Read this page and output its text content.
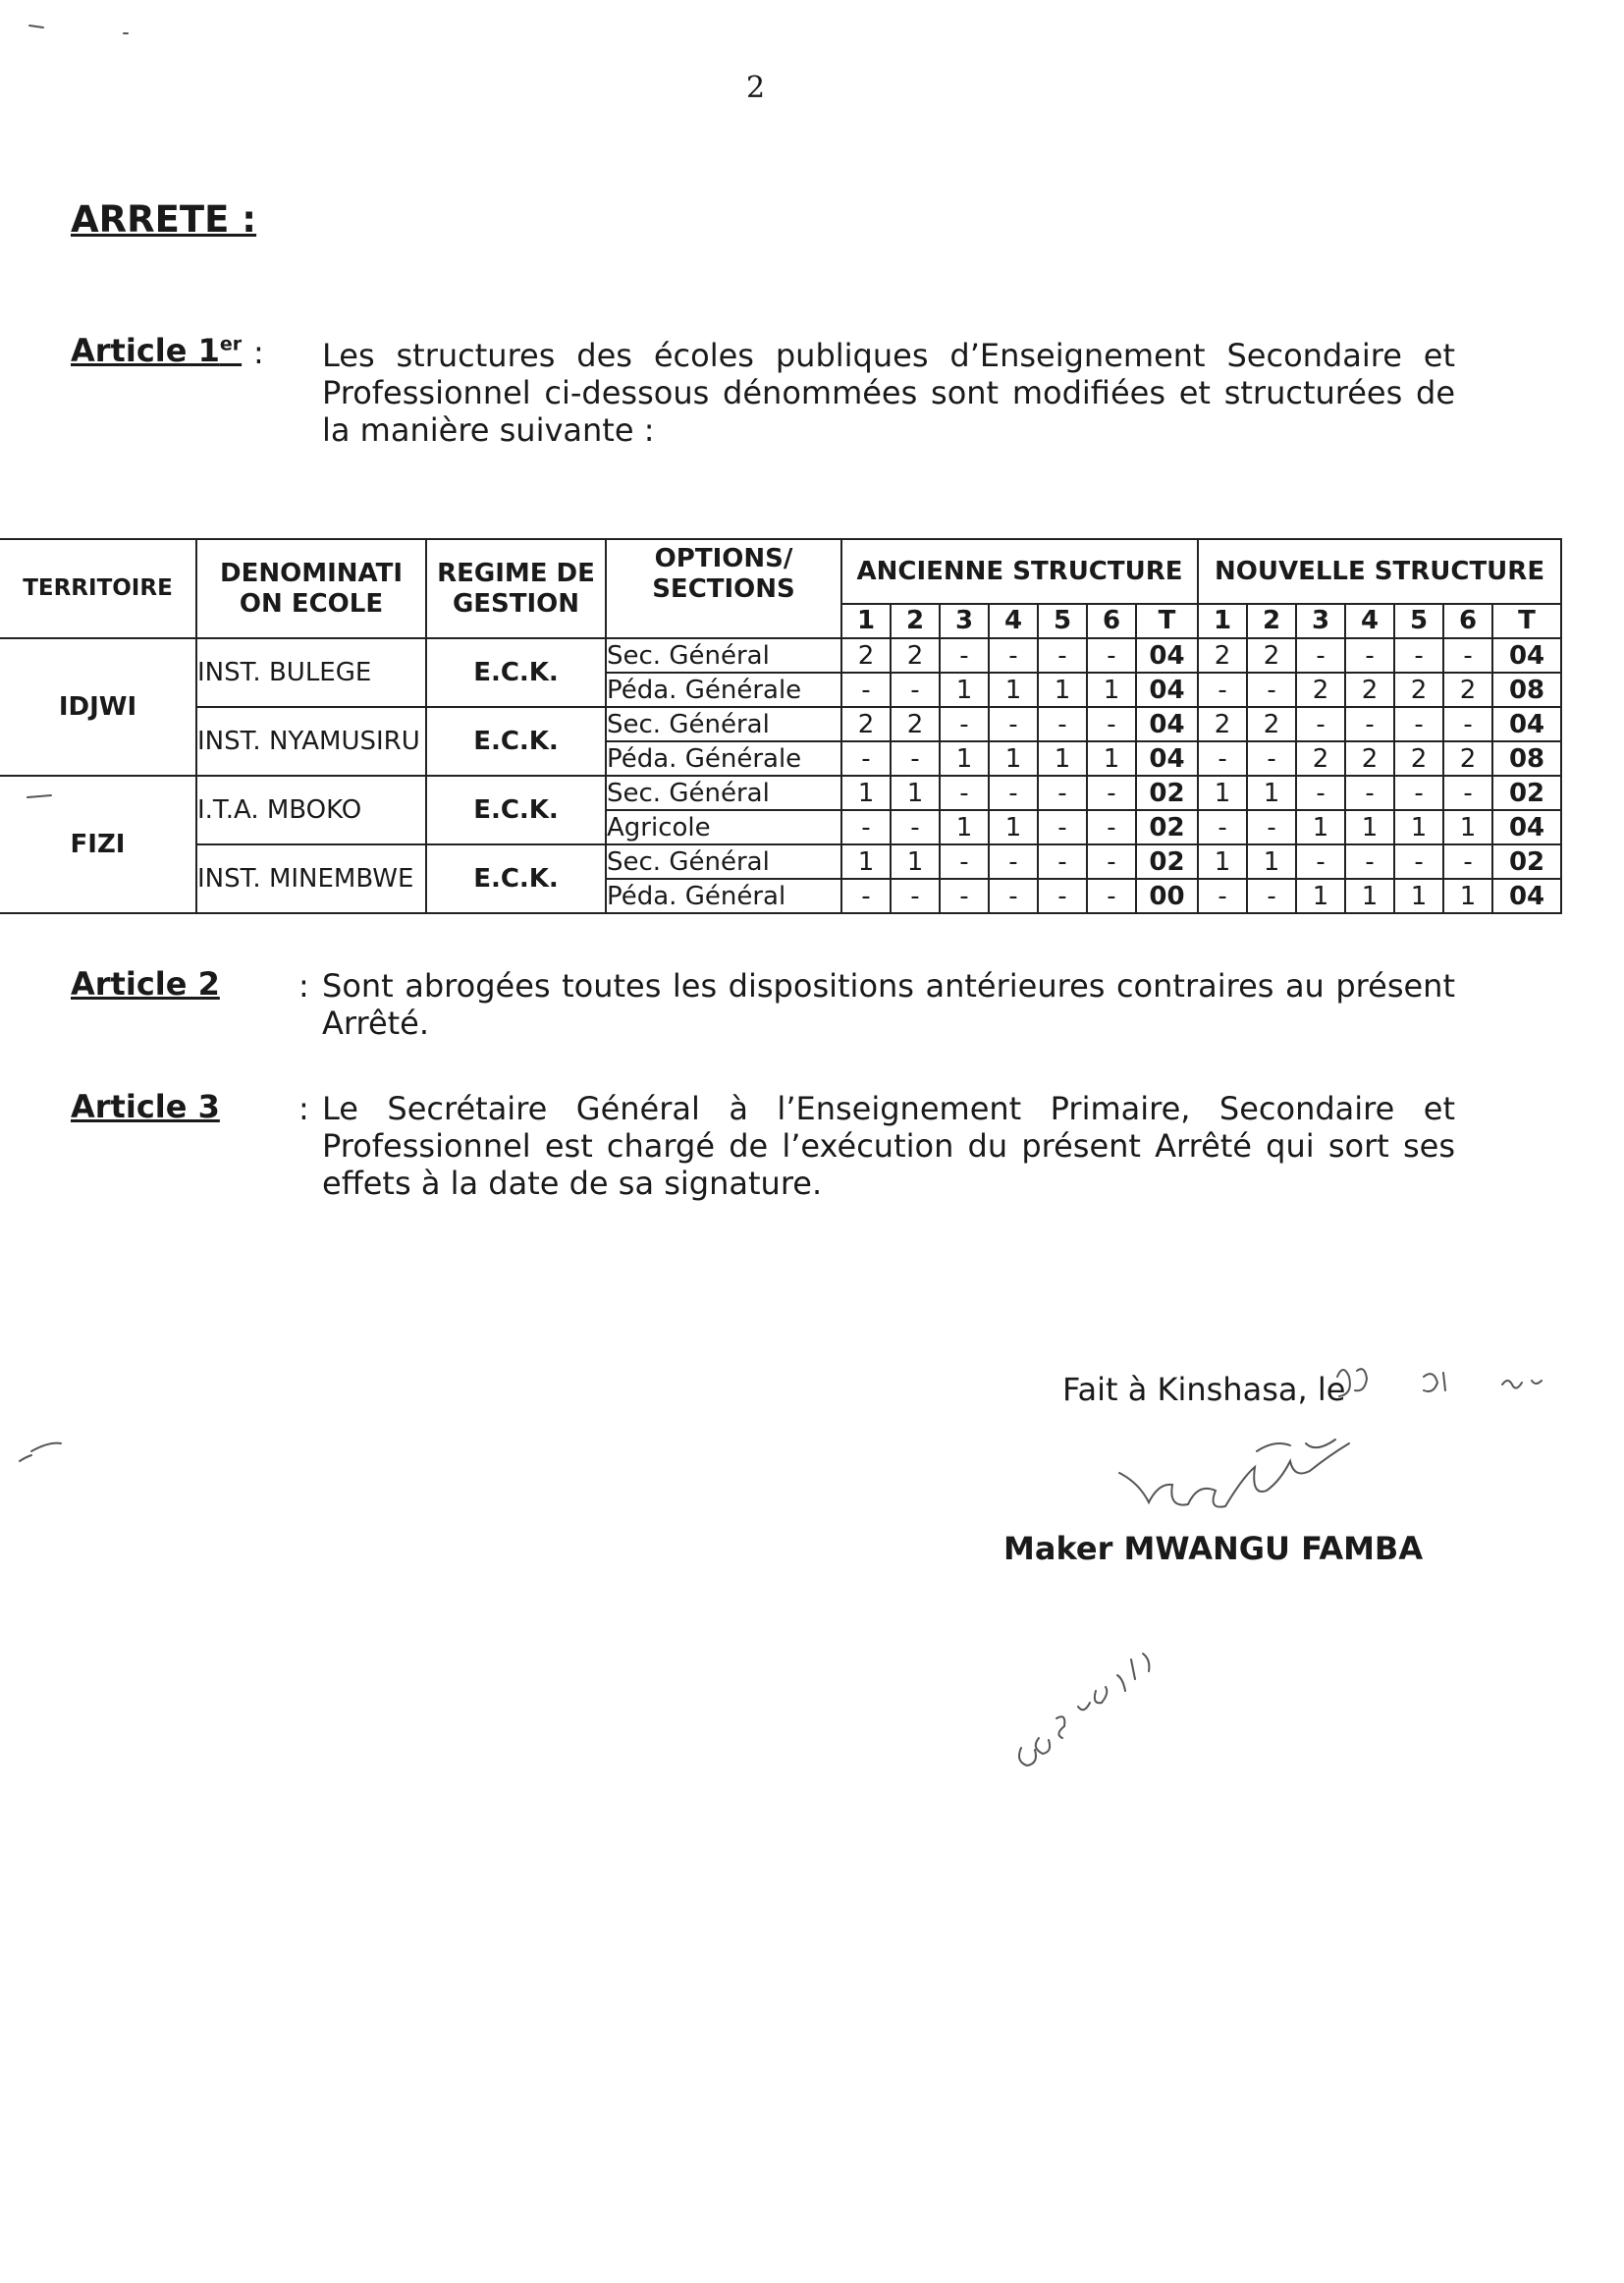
2
ARRETE :
Article 1er : Les structures des écoles publiques d’Enseignement Secondaire et Professionnel ci-dessous dénommées sont modifiées et structurées de la manière suivante :
TERRITOIRE	DENOMINATI ON ECOLE	REGIME DE GESTION	OPTIONS/ SECTIONS	ANCIENNE STRUCTURE							NOUVELLE STRUCTURE						
				1	2	3	4	5	6	T	1	2	3	4	5	6	T
IDJWI	INST. BULEGE	E.C.K.	Sec. Général	2	2	-	-	-	-	04	2	2	-	-	-	-	04
			Péda. Générale	-	-	1	1	1	1	04	-	-	2	2	2	2	08
	INST. NYAMUSIRU	E.C.K.	Sec. Général	2	2	-	-	-	-	04	2	2	-	-	-	-	04
			Péda. Générale	-	-	1	1	1	1	04	-	-	2	2	2	2	08
FIZI	I.T.A. MBOKO	E.C.K.	Sec. Général	1	1	-	-	-	-	02	1	1	-	-	-	-	02
			Agricole	-	-	1	1	-	-	02	-	-	1	1	1	1	04
	INST. MINEMBWE	E.C.K.	Sec. Général	1	1	-	-	-	-	02	1	1	-	-	-	-	02
			Péda. Général	-	-	-	-	-	-	00	-	-	1	1	1	1	04
Article 2	: Sont abrogées toutes les dispositions antérieures contraires au présent Arrêté.
Article 3	: Le Secrétaire Général à l’Enseignement Primaire, Secondaire et Professionnel est chargé de l’exécution du présent Arrêté qui sort ses effets à la date de sa signature.
Fait à Kinshasa, le
Maker MWANGU FAMBA
